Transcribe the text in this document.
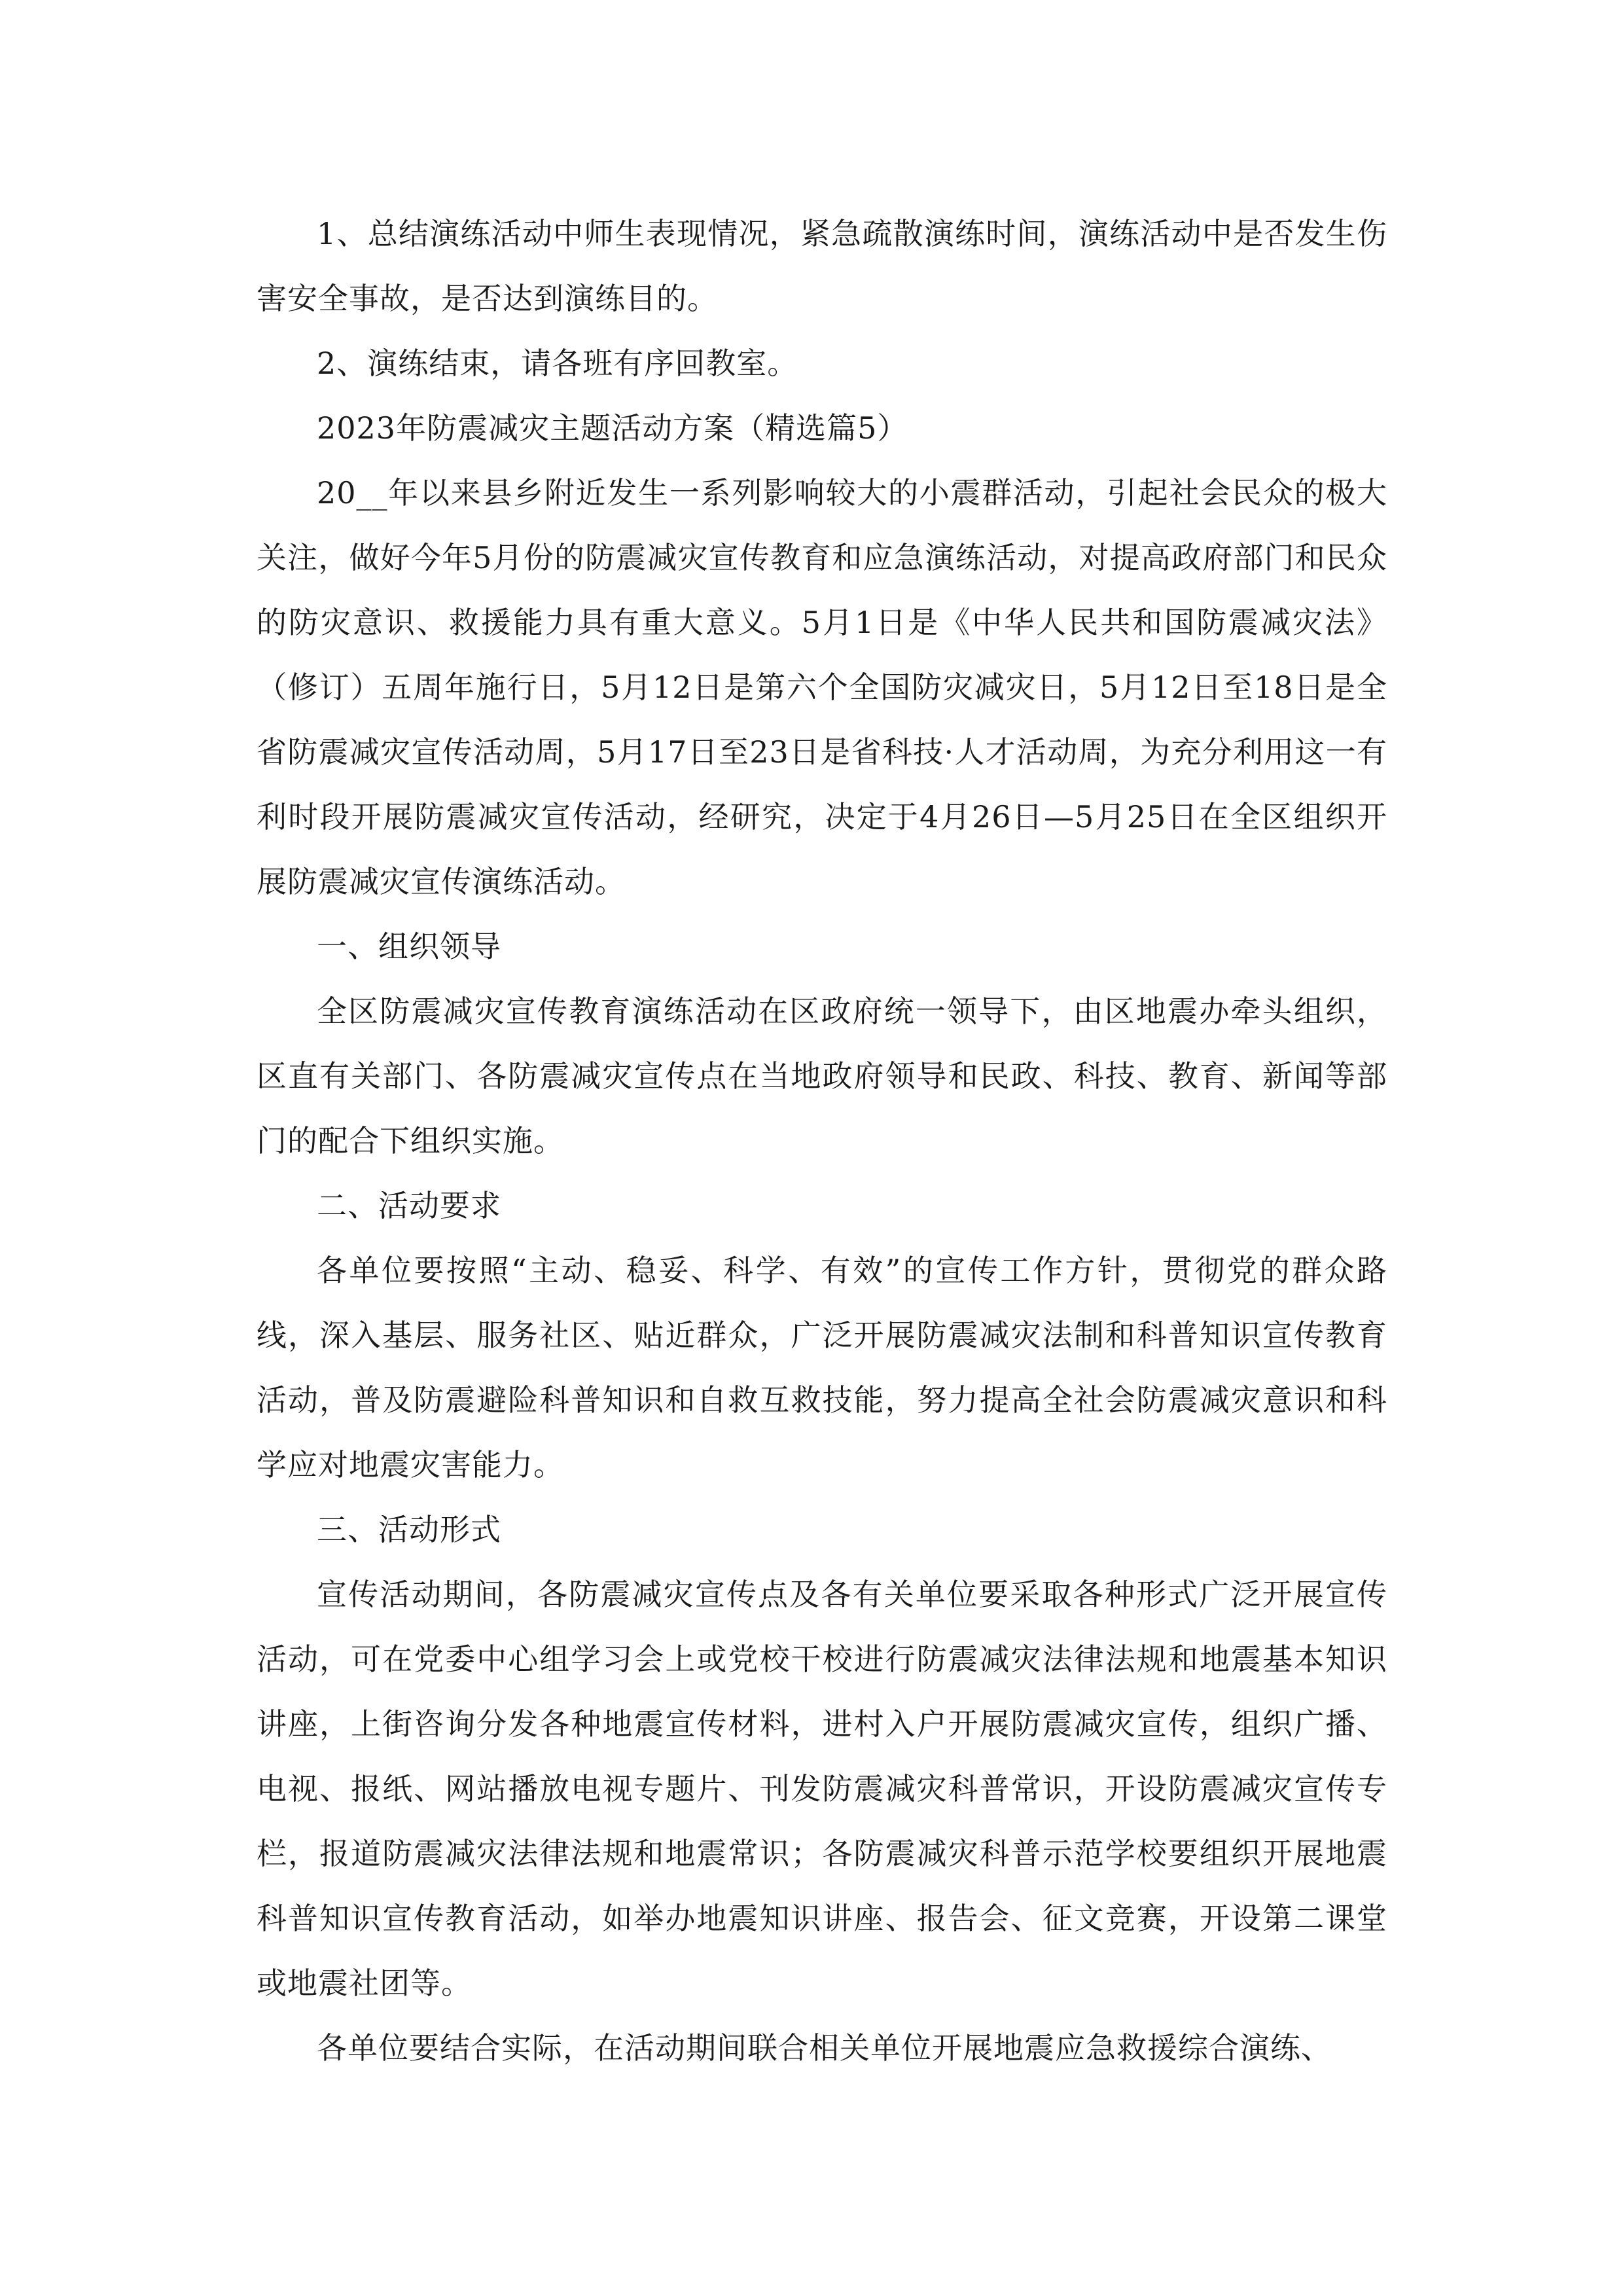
1、总结演练活动中师生表现情况，紧急疏散演练时间，演练活动中是否发生伤害安全事故，是否达到演练目的。

2、演练结束，请各班有序回教室。

2023年防震减灾主题活动方案（精选篇5）

20__年以来县乡附近发生一系列影响较大的小震群活动，引起社会民众的极大关注，做好今年5月份的防震减灾宣传教育和应急演练活动，对提高政府部门和民众的防灾意识、救援能力具有重大意义。5月1日是《中华人民共和国防震减灾法》（修订）五周年施行日，5月12日是第六个全国防灾减灾日，5月12日至18日是全省防震减灾宣传活动周，5月17日至23日是省科技·人才活动周，为充分利用这一有利时段开展防震减灾宣传活动，经研究，决定于4月26日—5月25日在全区组织开展防震减灾宣传演练活动。

一、组织领导

全区防震减灾宣传教育演练活动在区政府统一领导下，由区地震办牵头组织，区直有关部门、各防震减灾宣传点在当地政府领导和民政、科技、教育、新闻等部门的配合下组织实施。

二、活动要求

各单位要按照“主动、稳妥、科学、有效”的宣传工作方针，贯彻党的群众路线，深入基层、服务社区、贴近群众，广泛开展防震减灾法制和科普知识宣传教育活动，普及防震避险科普知识和自救互救技能，努力提高全社会防震减灾意识和科学应对地震灾害能力。

三、活动形式

宣传活动期间，各防震减灾宣传点及各有关单位要采取各种形式广泛开展宣传活动，可在党委中心组学习会上或党校干校进行防震减灾法律法规和地震基本知识讲座，上街咨询分发各种地震宣传材料，进村入户开展防震减灾宣传，组织广播、电视、报纸、网站播放电视专题片、刊发防震减灾科普常识，开设防震减灾宣传专栏，报道防震减灾法律法规和地震常识；各防震减灾科普示范学校要组织开展地震科普知识宣传教育活动，如举办地震知识讲座、报告会、征文竞赛，开设第二课堂或地震社团等。

各单位要结合实际，在活动期间联合相关单位开展地震应急救援综合演练、
